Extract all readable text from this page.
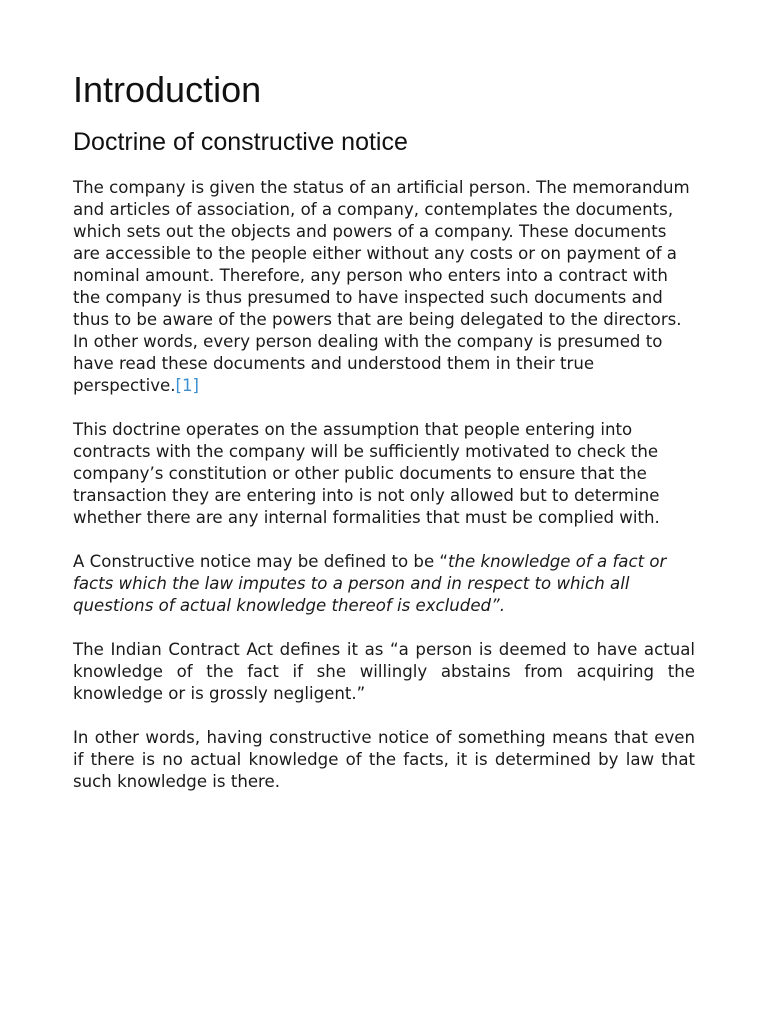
Introduction
Doctrine of constructive notice

The company is given the status of an artificial person. The memorandum and articles of association, of a company, contemplates the documents, which sets out the objects and powers of a company. These documents are accessible to the people either without any costs or on payment of a nominal amount. Therefore, any person who enters into a contract with the company is thus presumed to have inspected such documents and thus to be aware of the powers that are being delegated to the directors. In other words, every person dealing with the company is presumed to have read these documents and understood them in their true perspective.[1]

This doctrine operates on the assumption that people entering into contracts with the company will be sufficiently motivated to check the company’s constitution or other public documents to ensure that the transaction they are entering into is not only allowed but to determine whether there are any internal formalities that must be complied with.

A Constructive notice may be defined to be “the knowledge of a fact or facts which the law imputes to a person and in respect to which all questions of actual knowledge thereof is excluded”.

The Indian Contract Act defines it as “a person is deemed to have actual knowledge of the fact if she willingly abstains from acquiring the knowledge or is grossly negligent.”

In other words, having constructive notice of something means that even if there is no actual knowledge of the facts, it is determined by law that such knowledge is there.
